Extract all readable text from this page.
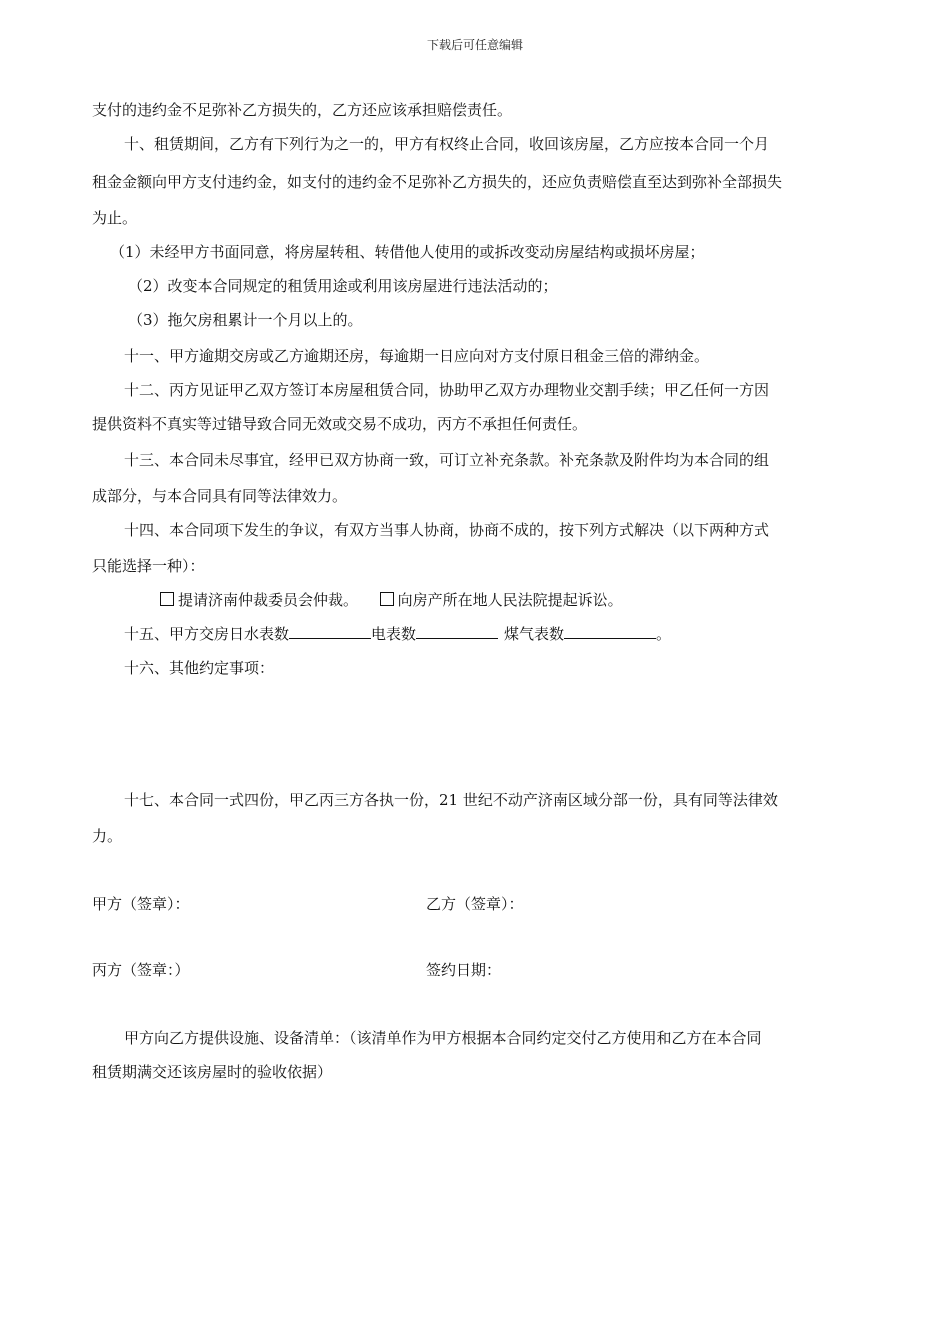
下载后可任意编辑
支付的违约金不足弥补乙方损失的，乙方还应该承担赔偿责任。
十、租赁期间，乙方有下列行为之一的，甲方有权终止合同，收回该房屋，乙方应按本合同一个月
租金金额向甲方支付违约金，如支付的违约金不足弥补乙方损失的，还应负责赔偿直至达到弥补全部损失
为止。
（1）未经甲方书面同意，将房屋转租、转借他人使用的或拆改变动房屋结构或损坏房屋；
（2）改变本合同规定的租赁用途或利用该房屋进行违法活动的；
（3）拖欠房租累计一个月以上的。
十一、甲方逾期交房或乙方逾期还房，每逾期一日应向对方支付原日租金三倍的滞纳金。
十二、丙方见证甲乙双方签订本房屋租赁合同，协助甲乙双方办理物业交割手续；甲乙任何一方因
提供资料不真实等过错导致合同无效或交易不成功，丙方不承担任何责任。
十三、本合同未尽事宜，经甲已双方协商一致，可订立补充条款。补充条款及附件均为本合同的组
成部分，与本合同具有同等法律效力。
十四、本合同项下发生的争议，有双方当事人协商，协商不成的，按下列方式解决（以下两种方式
只能选择一种）：
提请济南仲裁委员会仲裁。	向房产所在地人民法院提起诉讼。
十五、甲方交房日水表数	电表数	煤气表数	。
十六、其他约定事项：
十七、本合同一式四份，甲乙丙三方各执一份，21 世纪不动产济南区域分部一份，具有同等法律效
力。
甲方（签章）：	乙方（签章）：
丙方（签章：）	签约日期：
甲方向乙方提供设施、设备清单：（该清单作为甲方根据本合同约定交付乙方使用和乙方在本合同
租赁期满交还该房屋时的验收依据）
